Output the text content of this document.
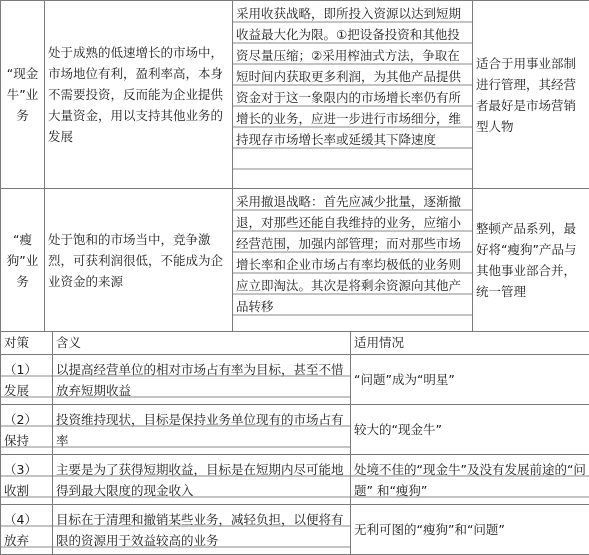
“现金牛”业务	处于成熟的低速增长的市场中，市场地位有利，盈利率高，本身不需要投资，反而能为企业提供大量资金，用以支持其他业务的发展	采用收获战略，即所投入资源以达到短期收益最大化为限。①把设备投资和其他投资尽量压缩；②采用榨油式方法，争取在短时间内获取更多利润，为其他产品提供资金对于这一象限内的市场增长率仍有所增长的业务，应进一步进行市场细分，维持现存市场增长率或延缓其下降速度	适合于用事业部制进行管理，其经营者最好是市场营销型人物
“瘦狗”业务	处于饱和的市场当中，竞争激烈，可获利润很低，不能成为企业资金的来源	采用撤退战略：首先应减少批量，逐渐撤退，对那些还能自我维持的业务，应缩小经营范围，加强内部管理；而对那些市场增长率和企业市场占有率均极低的业务则应立即淘汰。其次是将剩余资源向其他产品转移	整顿产品系列，最好将“瘦狗”产品与其他事业部合并，统一管理
对策	含义	适用情况
（1）发展	以提高经营单位的相对市场占有率为目标，甚至不惜放弃短期收益	“问题”成为“明星”
（2）保持	投资维持现状，目标是保持业务单位现有的市场占有率	较大的“现金牛”
（3）收割	主要是为了获得短期收益，目标是在短期内尽可能地得到最大限度的现金收入	处境不佳的“现金牛”及没有发展前途的“问题” 和“瘦狗”
（4）放弃	目标在于清理和撤销某些业务，减轻负担，以便将有限的资源用于效益较高的业务	无利可图的“瘦狗”和“问题”
